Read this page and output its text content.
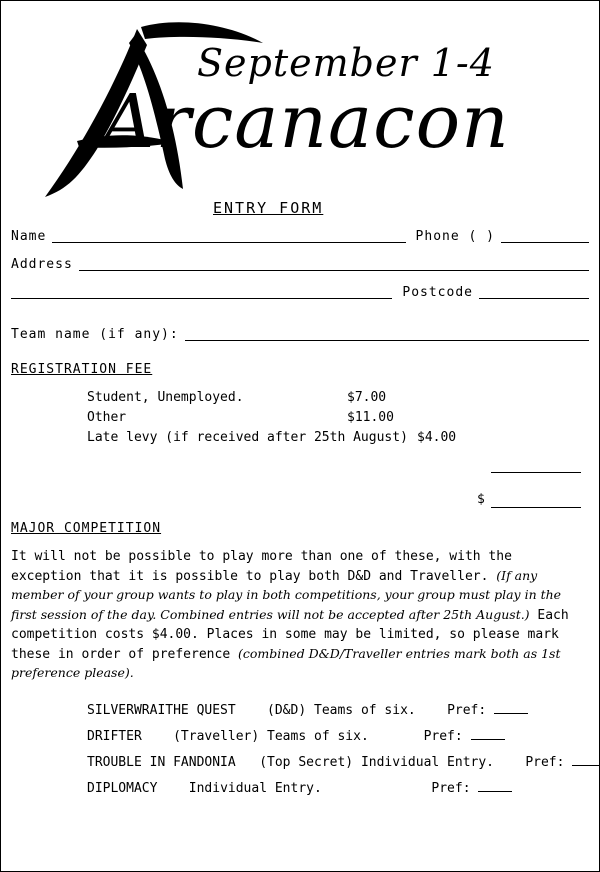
September 1-4
Arcanacon
ENTRY FORM
Name	Phone ( )
Address
Postcode
Team name (if any):
REGISTRATION FEE
Student, Unemployed.	$7.00
Other	$11.00
Late levy (if received after 25th August) $4.00
$
MAJOR COMPETITION

It will not be possible to play more than one of these, with the exception that it is possible to play both D&D and Traveller. (If any member of your group wants to play in both competitions, your group must play in the first session of the day. Combined entries will not be accepted after 25th August.) Each competition costs $4.00. Places in some may be limited, so please mark these in order of preference (combined D&D/Traveller entries mark both as 1st preference please).

SILVERWRAITHE QUEST (D&D) Teams of six. Pref:
DRIFTER (Traveller) Teams of six.	Pref:
TROUBLE IN FANDONIA (Top Secret) Individual Entry. Pref:
DIPLOMACY Individual Entry.	Pref:
